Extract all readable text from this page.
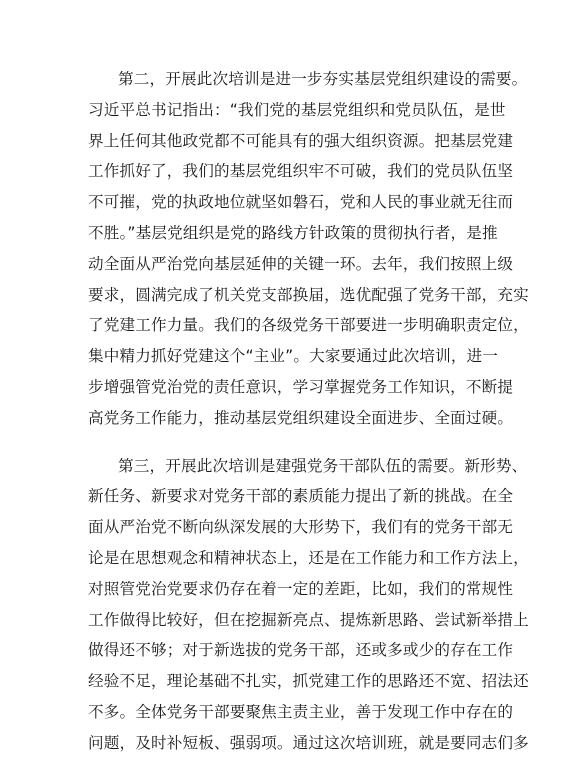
第二，开展此次培训是进一步夯实基层党组织建设的需要。
习近平总书记指出：“我们党的基层党组织和党员队伍，是世
界上任何其他政党都不可能具有的强大组织资源。把基层党建
工作抓好了，我们的基层党组织牢不可破，我们的党员队伍坚
不可摧，党的执政地位就坚如磐石，党和人民的事业就无往而
不胜。”基层党组织是党的路线方针政策的贯彻执行者，是推
动全面从严治党向基层延伸的关键一环。去年，我们按照上级
要求，圆满完成了机关党支部换届，选优配强了党务干部，充实
了党建工作力量。我们的各级党务干部要进一步明确职责定位，
集中精力抓好党建这个“主业”。大家要通过此次培训，进一
步增强管党治党的责任意识，学习掌握党务工作知识，不断提
高党务工作能力，推动基层党组织建设全面进步、全面过硬。
第三，开展此次培训是建强党务干部队伍的需要。新形势、
新任务、新要求对党务干部的素质能力提出了新的挑战。在全
面从严治党不断向纵深发展的大形势下，我们有的党务干部无
论是在思想观念和精神状态上，还是在工作能力和工作方法上，
对照管党治党要求仍存在着一定的差距，比如，我们的常规性
工作做得比较好，但在挖掘新亮点、提炼新思路、尝试新举措上
做得还不够；对于新选拔的党务干部，还或多或少的存在工作
经验不足，理论基础不扎实，抓党建工作的思路还不宽、招法还
不多。全体党务干部要聚焦主责主业，善于发现工作中存在的
问题，及时补短板、强弱项。通过这次培训班，就是要同志们多
